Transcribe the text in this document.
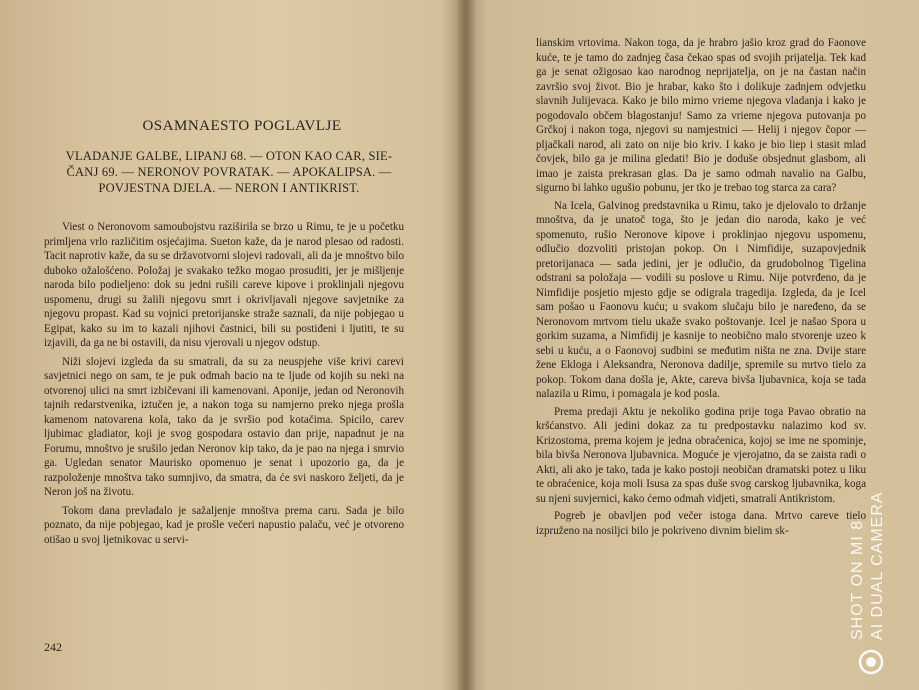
OSAMNAESTO POGLAVLJE
VLADANJE GALBE, LIPANJ 68. — OTON KAO CAR, SIE-
ČANJ 69. — NERONOV POVRATAK. — APOKALIPSA. —
POVJESTNA DJELA. — NERON I ANTIKRIST.

Viest o Neronovom samoubojstvu raziširila se brzo u Rimu, te je u početku primljena vrlo različitim osjećajima. Sueton kaže, da je narod plesao od radosti. Tacit naprotiv kaže, da su se državotvorni slojevi radovali, ali da je mnoštvo bilo duboko ožalošćeno. Položaj je svakako težko mogao prosuditi, jer je mišljenje naroda bilo podieljeno: dok su jedni rušili careve kipove i proklinjali njegovu uspomenu, drugi su žalili njegovu smrt i okrivljavali njegove savjetnike za njegovu propast. Kad su vojnici pretorijanske straže saznali, da nije pobjegao u Egipat, kako su im to kazali njihovi častnici, bili su postiđeni i ljutiti, te su izjavili, da ga ne bi ostavili, da nisu vjerovali u njegov odstup.

Niži slojevi izgleda da su smatrali, da su za neuspjehe više krivi carevi savjetnici nego on sam, te je puk odmah bacio na te ljude od kojih su neki na otvorenoj ulici na smrt izbičevani ili kamenovani. Aponije, jedan od Neronovih tajnih redarstvenika, iztučen je, a nakon toga su namjerno preko njega prošla kamenom natovarena kola, tako da je svršio pod kotačima. Spicilo, carev ljubimac gladiator, koji je svog gospodara ostavio dan prije, napadnut je na Forumu, mnoštvo je srušilo jedan Neronov kip tako, da je pao na njega i smrvio ga. Ugledan senator Maurisko opomenuo je senat i upozorio ga, da je razpoloženje mnoštva tako sumnjivo, da smatra, da će svi naskoro željeti, da je Neron još na životu.

Tokom dana prevladalo je sažaljenje mnoštva prema caru. Sada je bilo poznato, da nije pobjegao, kad je prošle večeri napustio palaču, već je otvoreno otišao u svoj ljetnikovac u servi-

242

lianskim vrtovima. Nakon toga, da je hrabro jašio kroz grad do Faonove kuće, te je tamo do zadnjeg časa čekao spas od svojih prijatelja. Tek kad ga je senat ožigosao kao narodnog neprijatelja, on je na častan način završio svoj život. Bio je hrabar, kako što i dolikuje zadnjem odvjetku slavnih Julijevaca. Kako je bilo mirno vrieme njegova vladanja i kako je pogodovalo občem blagostanju! Samo za vrieme njegova putovanja po Grčkoj i nakon toga, njegovi su namjestnici — Helij i njegov čopor — pljačkali narod, ali zato on nije bio kriv. I kako je bio liep i stasit mlad čovjek, bilo ga je milina gledati! Bio je doduše obsjednut glasbom, ali imao je zaista prekrasan glas. Da je samo odmah navalio na Galbu, sigurno bi lahko ugušio pobunu, jer tko je trebao tog starca za cara?

Na Icela, Galvinog predstavnika u Rimu, tako je djelovalo to držanje mnoštva, da je unatoč toga, što je jedan dio naroda, kako je već spomenuto, rušio Neronove kipove i proklinjao njegovu uspomenu, odlučio dozvoliti pristojan pokop. On i Nimfidije, suzapovjednik pretorijanaca — sada jedini, jer je odlučio, da grudobolnog Tigelina odstrani sa položaja — vodili su poslove u Rimu. Nije potvrđeno, da je Nimfidije posjetio mjesto gdje se odigrala tragedija. Izgleda, da je Icel sam pošao u Faonovu kuću; u svakom slučaju bilo je naređeno, da se Neronovom mrtvom tielu ukaže svako poštovanje. Icel je našao Spora u gorkim suzama, a Nimfidij je kasnije to neobično malo stvorenje uzeo k sebi u kuću, a o Faonovoj sudbini se međutim ništa ne zna. Dvije stare žene Ekloga i Aleksandra, Neronova dadilje, spremile su mrtvo tielo za pokop. Tokom dana došla je, Akte, careva bivša ljubavnica, koja se tada nalazila u Rimu, i pomagala je kod posla.

Prema predaji Aktu je nekoliko godina prije toga Pavao obratio na kršćanstvo. Ali jedini dokaz za tu predpostavku nalazimo kod sv. Krizostoma, prema kojem je jedna obraćenica, kojoj se ime ne spominje, bila bivša Neronova ljubavnica. Moguće je vjerojatno, da se zaista radi o Akti, ali ako je tako, tada je kako postoji neobičan dramatski potez u liku te obraćenice, koja moli Isusa za spas duše svog carskog ljubavnika, koga su njeni suvjernici, kako ćemo odmah vidjeti, smatrali Antikristom.

Pogreb je obavljen pod večer istoga dana. Mrtvo careve tielo izpruženo na nosiljci bilo je pokriveno divnim bielim sk-	SHOT ON MI 8 AI DUAL CAMERA
